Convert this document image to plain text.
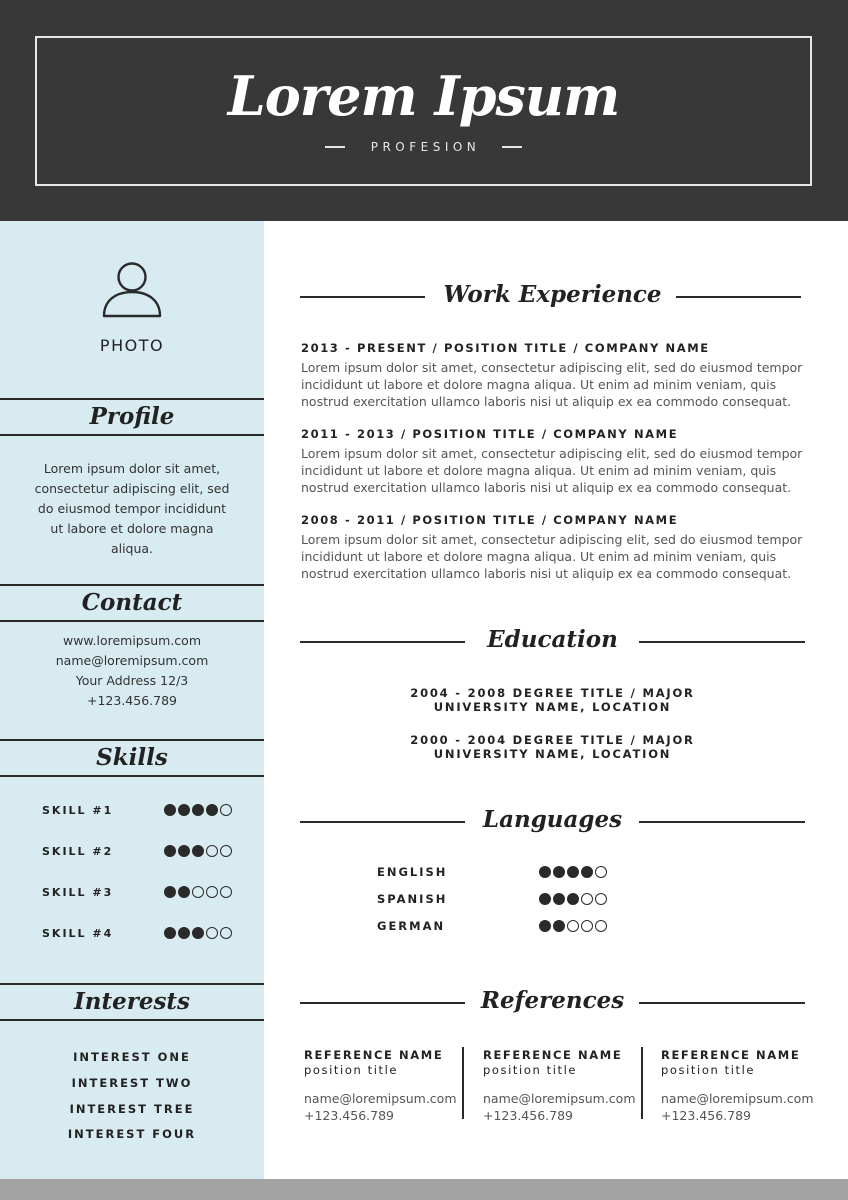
Lorem Ipsum
PROFESION
PHOTO
Profile
Lorem ipsum dolor sit amet, consectetur adipiscing elit, sed do eiusmod tempor incididunt ut labore et dolore magna aliqua.
Contact
www.loremipsum.com
name@loremipsum.com
Your Address 12/3
+123.456.789
Skills
SKILL #1
SKILL #2
SKILL #3
SKILL #4
Interests
INTEREST ONE
INTEREST TWO
INTEREST TREE
INTEREST FOUR
Work Experience
2013 - PRESENT / POSITION TITLE / COMPANY NAME
Lorem ipsum dolor sit amet, consectetur adipiscing elit, sed do eiusmod tempor incididunt ut labore et dolore magna aliqua. Ut enim ad minim veniam, quis nostrud exercitation ullamco laboris nisi ut aliquip ex ea commodo consequat.
2011 - 2013 / POSITION TITLE / COMPANY NAME
Lorem ipsum dolor sit amet, consectetur adipiscing elit, sed do eiusmod tempor incididunt ut labore et dolore magna aliqua. Ut enim ad minim veniam, quis nostrud exercitation ullamco laboris nisi ut aliquip ex ea commodo consequat.
2008 - 2011 / POSITION TITLE / COMPANY NAME
Lorem ipsum dolor sit amet, consectetur adipiscing elit, sed do eiusmod tempor incididunt ut labore et dolore magna aliqua. Ut enim ad minim veniam, quis nostrud exercitation ullamco laboris nisi ut aliquip ex ea commodo consequat.
Education
2004 - 2008 DEGREE TITLE / MAJOR
UNIVERSITY NAME, LOCATION
2000 - 2004 DEGREE TITLE / MAJOR
UNIVERSITY NAME, LOCATION
Languages
ENGLISH
SPANISH
GERMAN
References
REFERENCE NAME
position title
name@loremipsum.com
+123.456.789
REFERENCE NAME
position title
name@loremipsum.com
+123.456.789
REFERENCE NAME
position title
name@loremipsum.com
+123.456.789
